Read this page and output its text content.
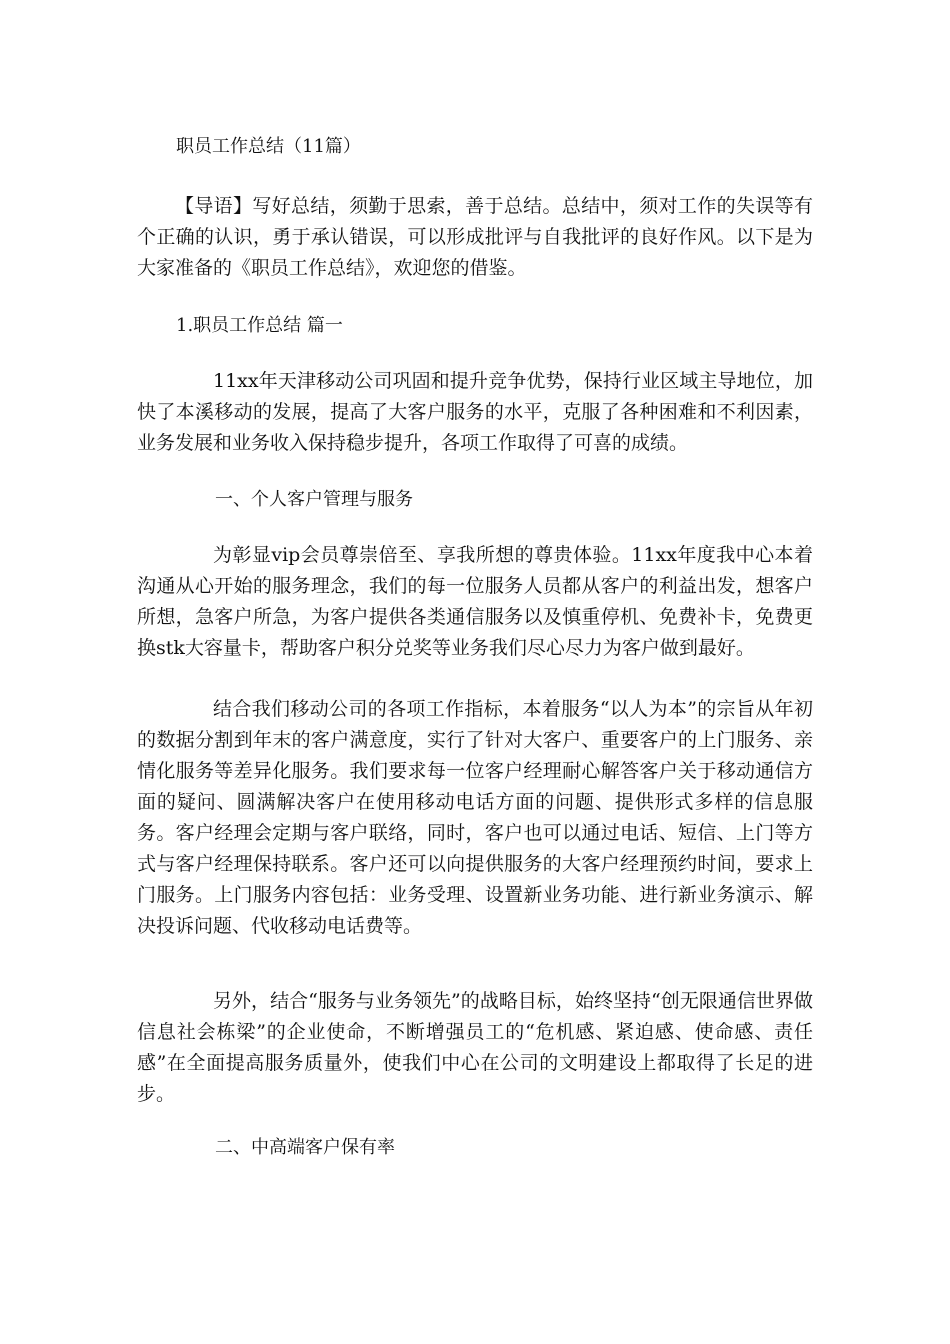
职员工作总结（11篇）

【导语】写好总结，须勤于思索，善于总结。总结中，须对工作的失误等有个正确的认识，勇于承认错误，可以形成批评与自我批评的良好作风。以下是为大家准备的《职员工作总结》，欢迎您的借鉴。

1.职员工作总结 篇一

11xx年天津移动公司巩固和提升竞争优势，保持行业区域主导地位，加快了本溪移动的发展，提高了大客户服务的水平，克服了各种困难和不利因素，业务发展和业务收入保持稳步提升，各项工作取得了可喜的成绩。

一、个人客户管理与服务

为彰显vip会员尊崇倍至、享我所想的尊贵体验。11xx年度我中心本着沟通从心开始的服务理念，我们的每一位服务人员都从客户的利益出发，想客户所想，急客户所急，为客户提供各类通信服务以及慎重停机、免费补卡，免费更换stk大容量卡，帮助客户积分兑奖等业务我们尽心尽力为客户做到最好。

结合我们移动公司的各项工作指标，本着服务“以人为本”的宗旨从年初的数据分割到年末的客户满意度，实行了针对大客户、重要客户的上门服务、亲情化服务等差异化服务。我们要求每一位客户经理耐心解答客户关于移动通信方面的疑问、圆满解决客户在使用移动电话方面的问题、提供形式多样的信息服务。客户经理会定期与客户联络，同时，客户也可以通过电话、短信、上门等方式与客户经理保持联系。客户还可以向提供服务的大客户经理预约时间，要求上门服务。上门服务内容包括：业务受理、设置新业务功能、进行新业务演示、解决投诉问题、代收移动电话费等。

另外，结合“服务与业务领先”的战略目标，始终坚持“创无限通信世界做信息社会栋梁”的企业使命，不断增强员工的“危机感、紧迫感、使命感、责任感”在全面提高服务质量外，使我们中心在公司的文明建设上都取得了长足的进步。

二、中高端客户保有率
